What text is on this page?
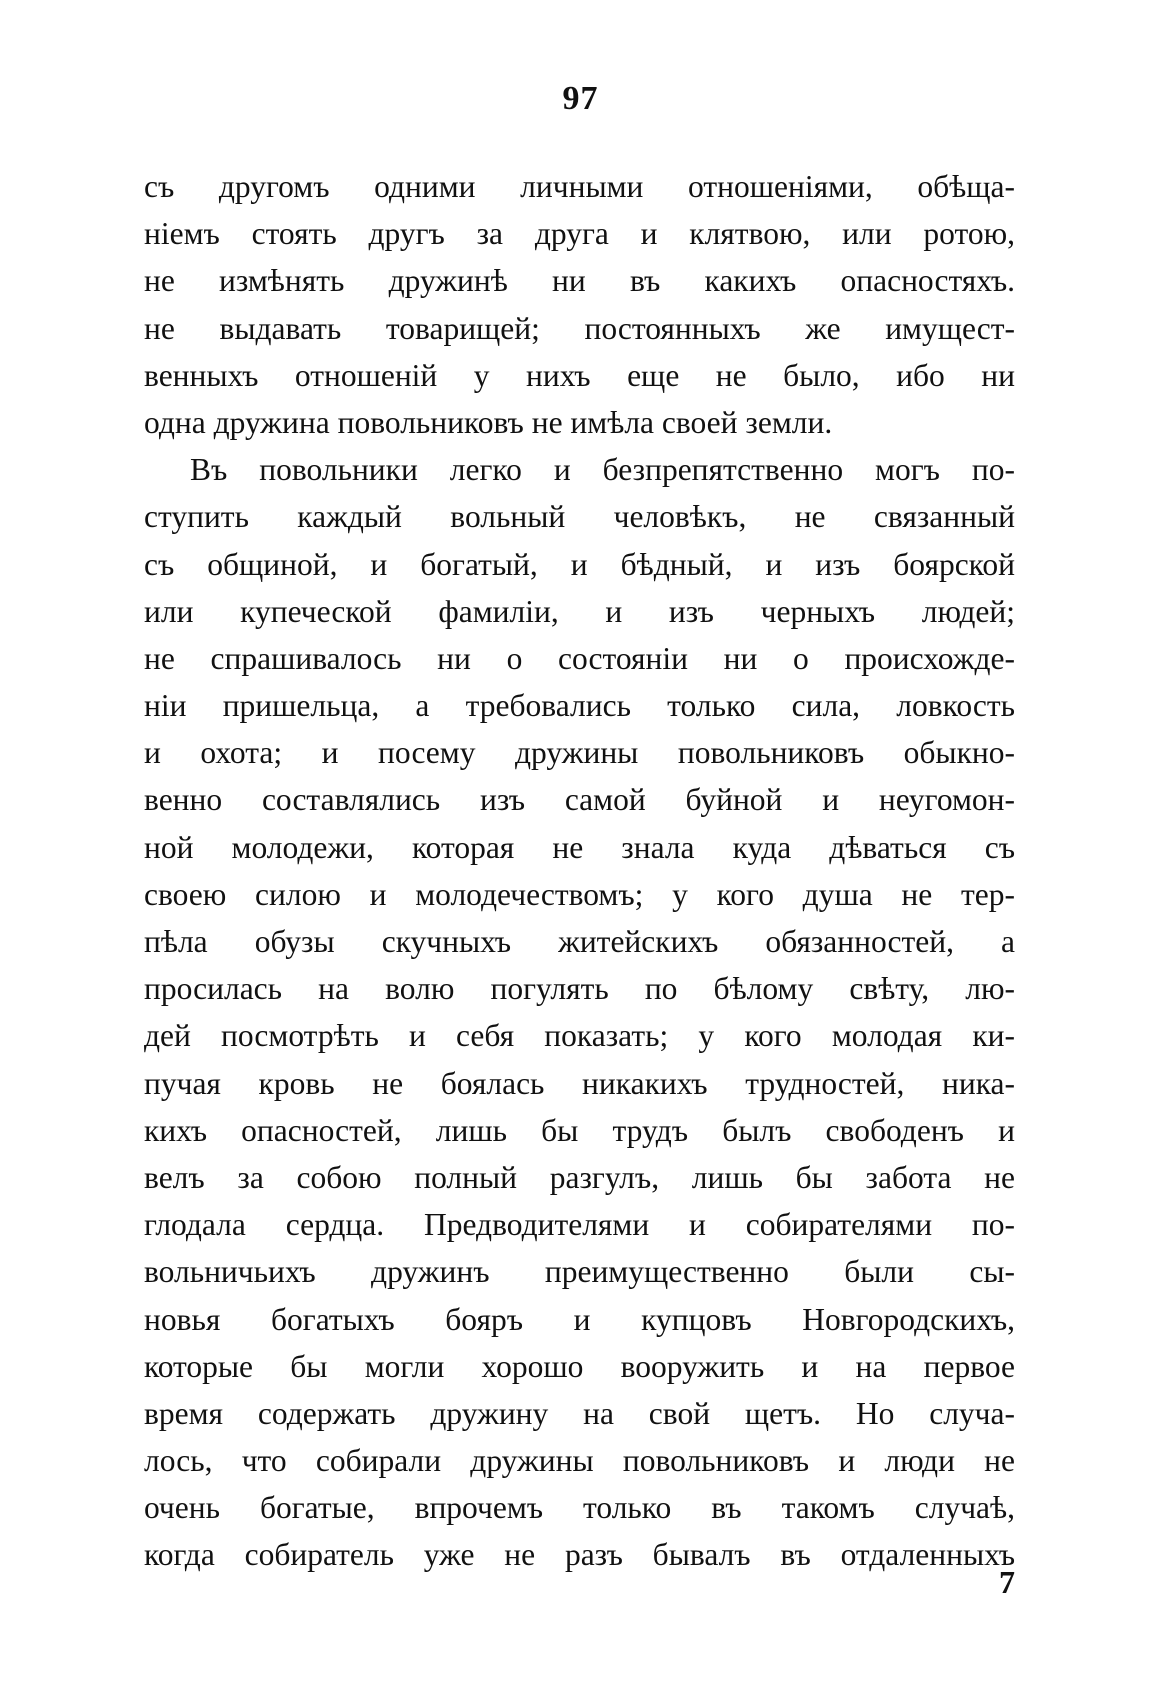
97
съ другомъ одними личными отношеніями, обѣща-
ніемъ стоять другъ за друга и клятвою, или ротою,
не измѣнять дружинѣ ни въ какихъ опасностяхъ.
не выдавать товарищей; постоянныхъ же имущест-
венныхъ отношеній у нихъ еще не было, ибо ни
одна дружина повольниковъ не имѣла своей земли.
Въ повольники легко и безпрепятственно могъ по-
ступить каждый вольный человѣкъ, не связанный
съ общиной, и богатый, и бѣдный, и изъ боярской
или купеческой фамиліи, и изъ черныхъ людей;
не спрашивалось ни о состояніи ни о происхожде-
ніи пришельца, а требовались только сила, ловкость
и охота; и посему дружины повольниковъ обыкно-
венно составлялись изъ самой буйной и неугомон-
ной молодежи, которая не знала куда дѣваться съ
своею силою и молодечествомъ; у кого душа не тер-
пѣла обузы скучныхъ житейскихъ обязанностей, а
просилась на волю погулять по бѣлому свѣту, лю-
дей посмотрѣть и себя показать; у кого молодая ки-
пучая кровь не боялась никакихъ трудностей, ника-
кихъ опасностей, лишь бы трудъ былъ свободенъ и
велъ за собою полный разгулъ, лишь бы забота не
глодала сердца. Предводителями и собирателями по-
вольничьихъ дружинъ преимущественно были сы-
новья богатыхъ бояръ и купцовъ Новгородскихъ,
которые бы могли хорошо вооружить и на первое
время содержать дружину на свой щетъ. Но случа-
лось, что собирали дружины повольниковъ и люди не
очень богатые, впрочемъ только въ такомъ случаѣ,
когда собиратель уже не разъ бывалъ въ отдаленныхъ
7
